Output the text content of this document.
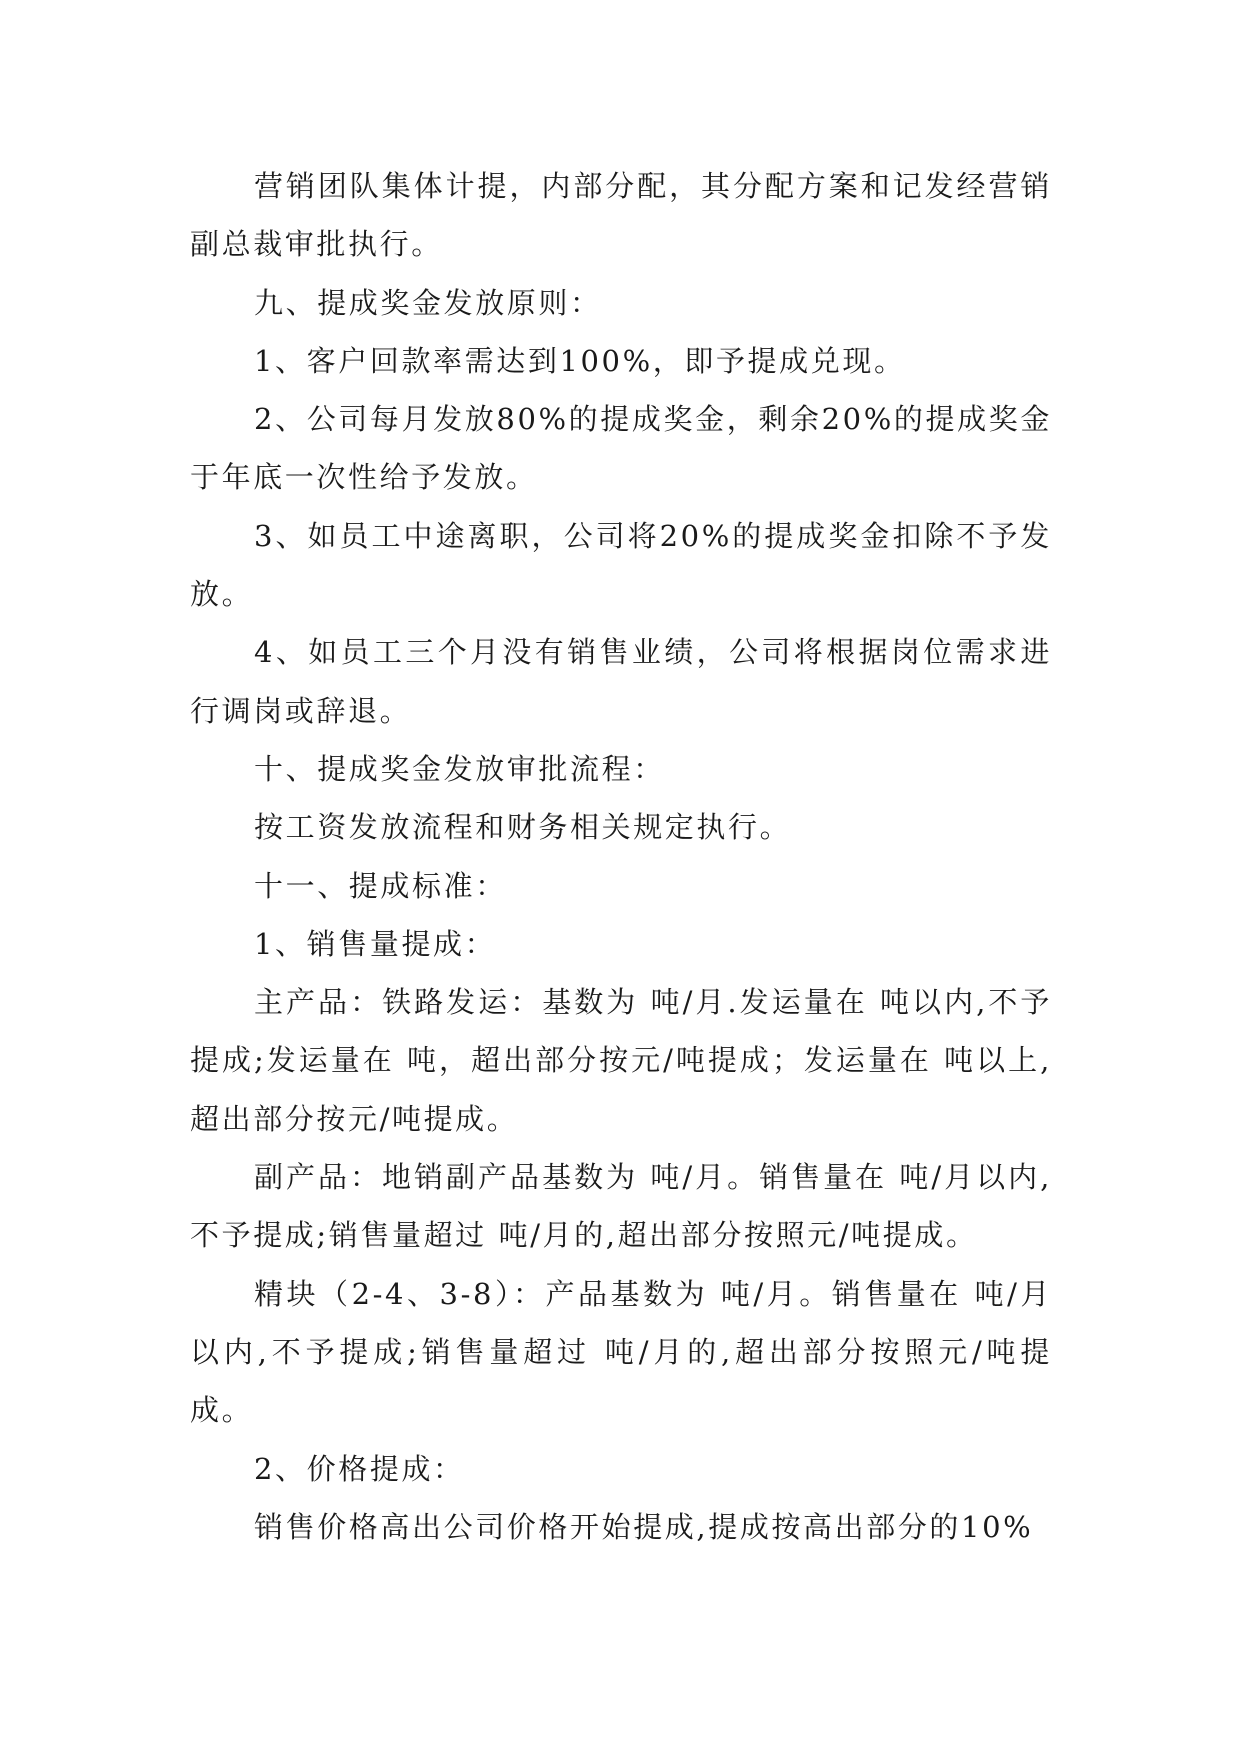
营销团队集体计提，内部分配，其分配方案和记发经营销副总裁审批执行。

九、提成奖金发放原则：

1、客户回款率需达到100%，即予提成兑现。

2、公司每月发放80%的提成奖金，剩余20%的提成奖金于年底一次性给予发放。

3、如员工中途离职，公司将20%的提成奖金扣除不予发放。

4、如员工三个月没有销售业绩，公司将根据岗位需求进行调岗或辞退。

十、提成奖金发放审批流程：

按工资发放流程和财务相关规定执行。

十一、提成标准：

1、销售量提成：

主产品：铁路发运：基数为 吨/月.发运量在 吨以内,不予提成;发运量在 吨，超出部分按元/吨提成；发运量在 吨以上,超出部分按元/吨提成。

副产品：地销副产品基数为 吨/月。销售量在 吨/月以内,不予提成;销售量超过 吨/月的,超出部分按照元/吨提成。

精块（2-4、3-8）：产品基数为 吨/月。销售量在 吨/月以内,不予提成;销售量超过 吨/月的,超出部分按照元/吨提成。

2、价格提成：

销售价格高出公司价格开始提成,提成按高出部分的10%
